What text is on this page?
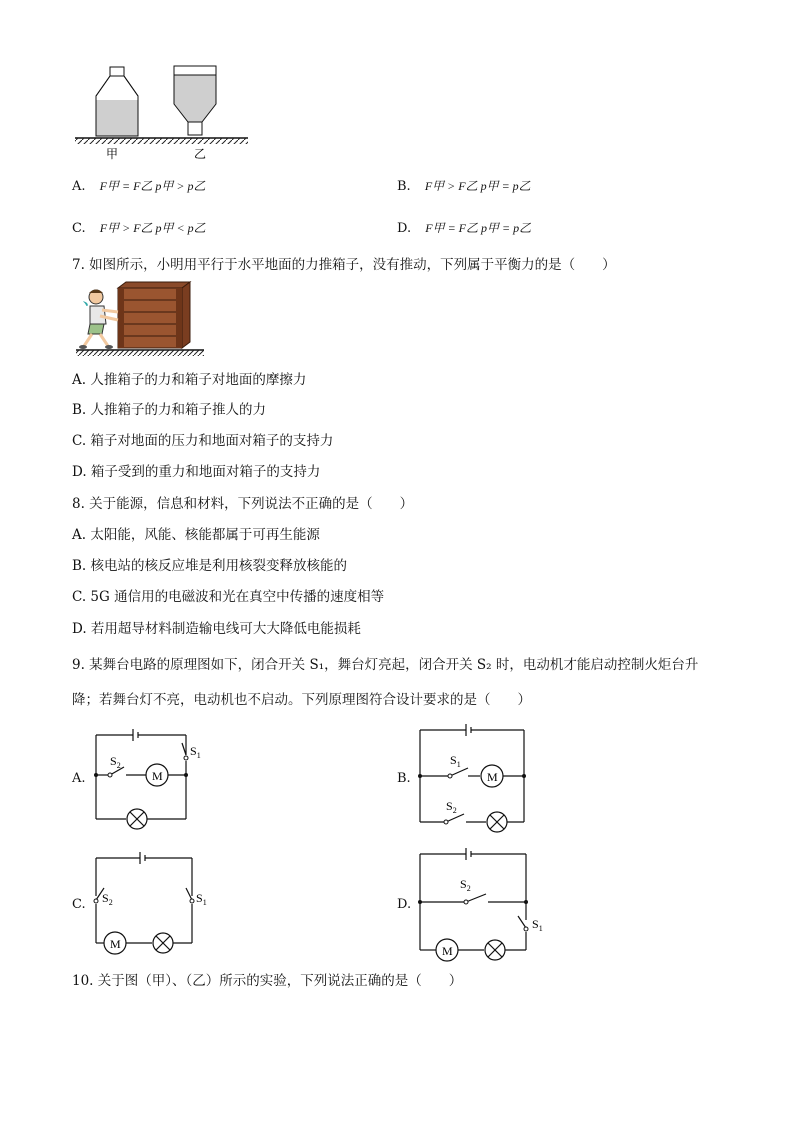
甲	乙
A. F甲 = F乙 p甲 > p乙	B. F甲 > F乙 p甲 = p乙
C. F甲 > F乙 p甲 < p乙	D. F甲 = F乙 p甲 = p乙
7. 如图所示，小明用平行于水平地面的力推箱子，没有推动，下列属于平衡力的是（　　）
﹅
A. 人推箱子的力和箱子对地面的摩擦力
B. 人推箱子的力和箱子推人的力
C. 箱子对地面的压力和地面对箱子的支持力
D. 箱子受到的重力和地面对箱子的支持力
8. 关于能源，信息和材料，下列说法不正确的是（　　）
A. 太阳能，风能、核能都属于可再生能源
B. 核电站的核反应堆是利用核裂变释放核能的
C. 5G 通信用的电磁波和光在真空中传播的速度相等
D. 若用超导材料制造输电线可大大降低电能损耗
9. 某舞台电路的原理图如下，闭合开关 S₁，舞台灯亮起，闭合开关 S₂ 时，电动机才能启动控制火炬台升
降；若舞台灯不亮，电动机也不启动。下列原理图符合设计要求的是（　　）
A.	M
$S_2$
$S_1$
B.	M
$S_1$
$S_2$
C.
M
$S_2$	$S_1$	D.
M
$S_2$
$S_1$
10. 关于图（甲）、（乙）所示的实验，下列说法正确的是（　　）
